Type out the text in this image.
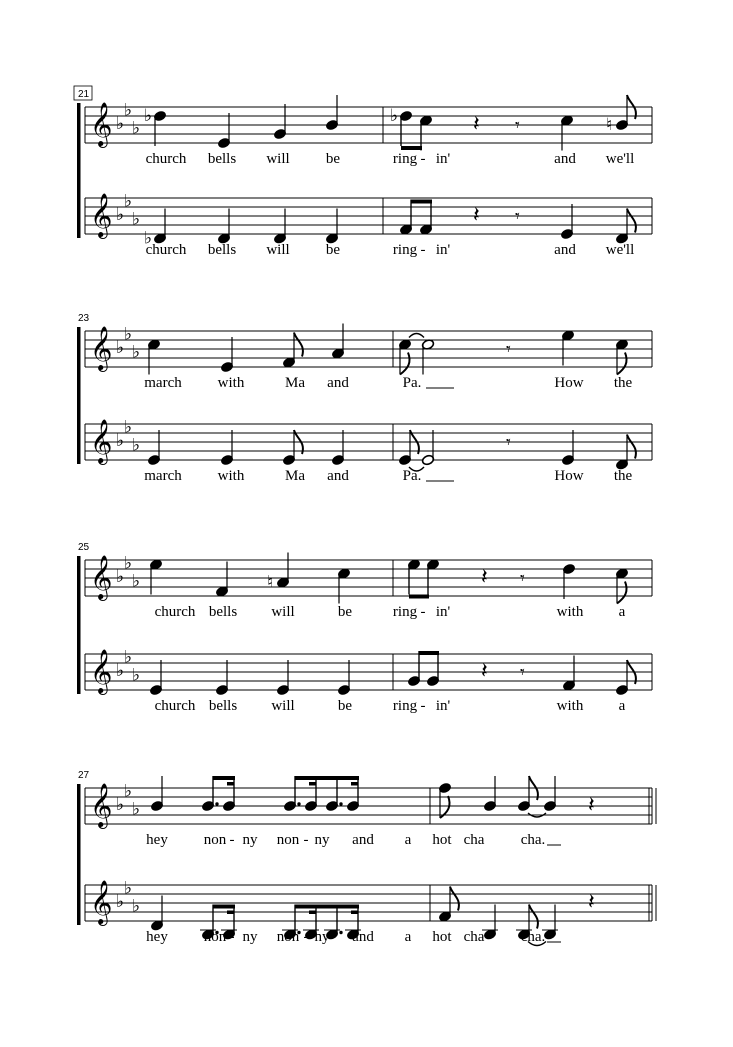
21
𝄞 ♭
♭
♭
♭	♭	𝄽 𝄾	♮
church bells will be	ring - in'	and we'll
𝄞 ♭
♭
♭
♭
𝄽 𝄾
church bells will be	ring - in'	and we'll
23
𝄞 ♭
♭
♭	𝄾
march with	Ma and	Pa.	How the
𝄞 ♭
♭
♭	𝄾
march with	Ma and	Pa.	How the
25
𝄞 ♭
♭
♭	♮	𝄽 𝄾
church bells will	be	ring - in'	with a
𝄞 ♭
♭
♭	𝄽 𝄾
church bells will	be	ring - in'	with a
27
𝄞 ♭
♭
♭	𝄽
hey non - ny non - ny and a hot cha cha.
𝄞 ♭
♭
♭	𝄽
hey non - ny non - ny and a hot cha cha.
